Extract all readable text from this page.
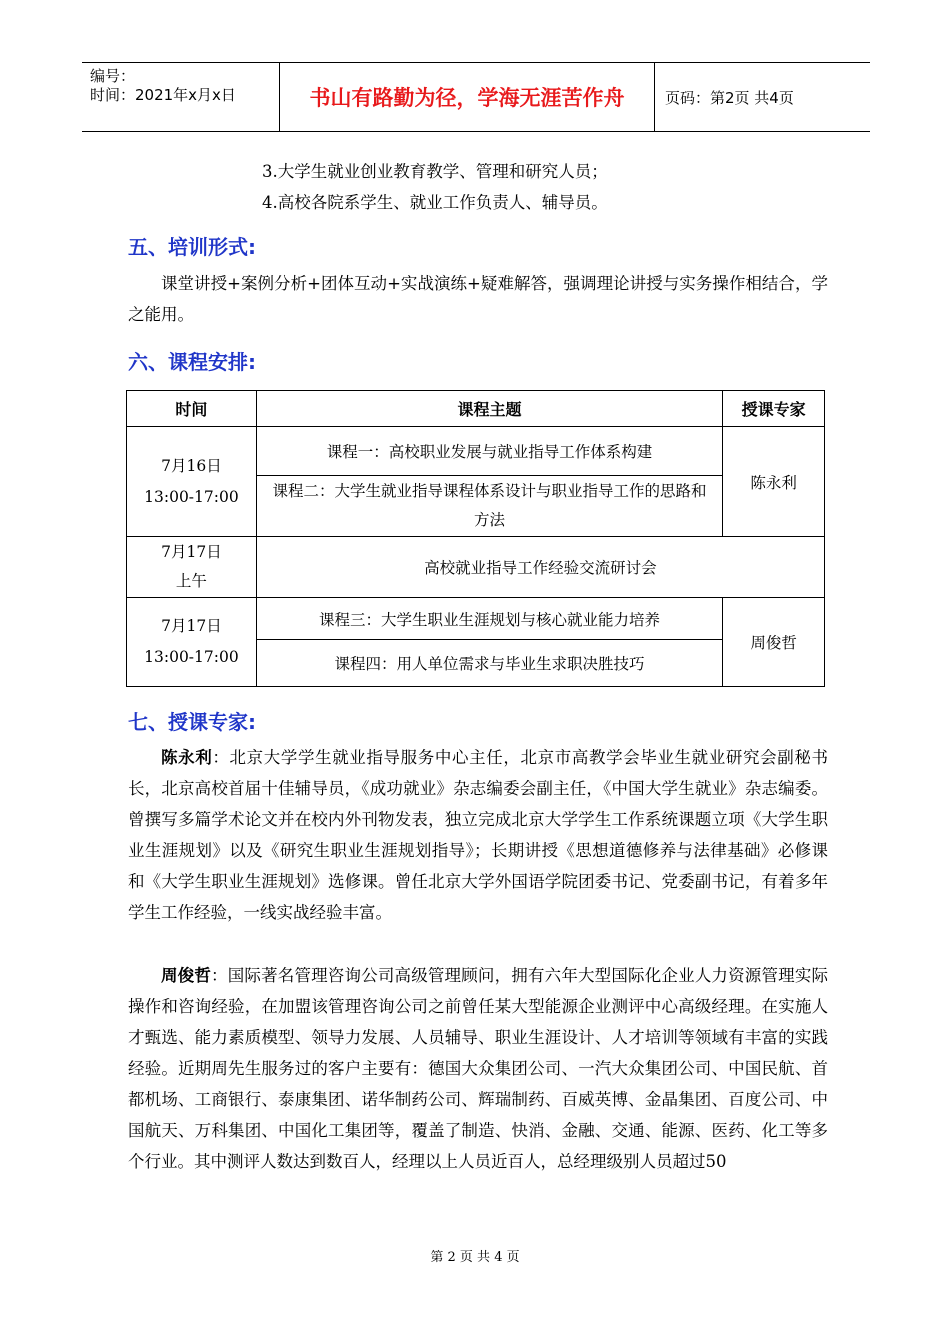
编号：
时间：2021年x月x日	书山有路勤为径，学海无涯苦作舟	页码：第2页 共4页
3.大学生就业创业教育教学、管理和研究人员；
4.高校各院系学生、就业工作负责人、辅导员。
五、培训形式:
课堂讲授+案例分析+团体互动+实战演练+疑难解答，强调理论讲授与实务操作相结合，学之能用。
六、课程安排:
时间	课程主题	授课专家

7月16日
13:00-17:00	课程一：高校职业发展与就业指导工作体系构建	陈永利
	课程二：大学生就业指导课程体系设计与职业指导工作的思路和方法	

7月17日
上午	高校就业指导工作经验交流研讨会	

7月17日
13:00-17:00	课程三：大学生职业生涯规划与核心就业能力培养	周俊哲
	课程四：用人单位需求与毕业生求职决胜技巧	
七、授课专家:
陈永利：北京大学学生就业指导服务中心主任，北京市高教学会毕业生就业研究会副秘书长，北京高校首届十佳辅导员，《成功就业》杂志编委会副主任，《中国大学生就业》杂志编委。曾撰写多篇学术论文并在校内外刊物发表，独立完成北京大学学生工作系统课题立项《大学生职业生涯规划》以及《研究生职业生涯规划指导》；长期讲授《思想道德修养与法律基础》必修课和《大学生职业生涯规划》选修课。曾任北京大学外国语学院团委书记、党委副书记，有着多年学生工作经验，一线实战经验丰富。
周俊哲：国际著名管理咨询公司高级管理顾问，拥有六年大型国际化企业人力资源管理实际操作和咨询经验，在加盟该管理咨询公司之前曾任某大型能源企业测评中心高级经理。在实施人才甄选、能力素质模型、领导力发展、人员辅导、职业生涯设计、人才培训等领域有丰富的实践经验。近期周先生服务过的客户主要有：德国大众集团公司、一汽大众集团公司、中国民航、首都机场、工商银行、泰康集团、诺华制药公司、辉瑞制药、百威英博、金晶集团、百度公司、中国航天、万科集团、中国化工集团等，覆盖了制造、快消、金融、交通、能源、医药、化工等多个行业。其中测评人数达到数百人，经理以上人员近百人，总经理级别人员超过50
第 2 页 共 4 页
